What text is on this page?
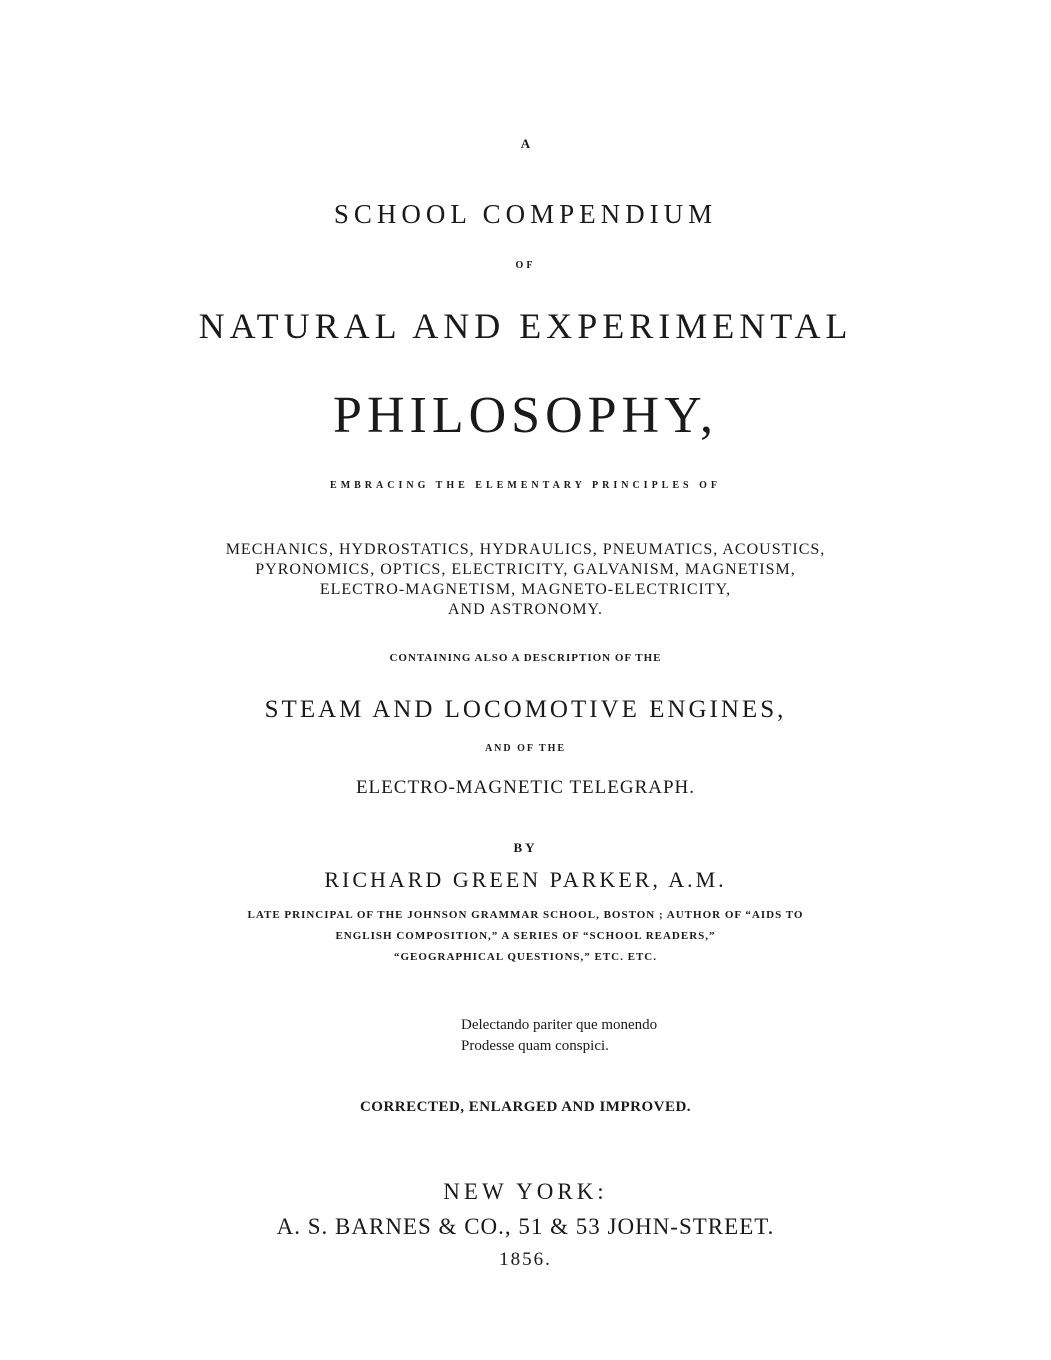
A
SCHOOL COMPENDIUM
OF
NATURAL AND EXPERIMENTAL
PHILOSOPHY,
EMBRACING THE ELEMENTARY PRINCIPLES OF
MECHANICS, HYDROSTATICS, HYDRAULICS, PNEUMATICS, ACOUSTICS,
PYRONOMICS, OPTICS, ELECTRICITY, GALVANISM, MAGNETISM,
ELECTRO-MAGNETISM, MAGNETO-ELECTRICITY,
AND ASTRONOMY.
CONTAINING ALSO A DESCRIPTION OF THE
STEAM AND LOCOMOTIVE ENGINES,
AND OF THE
ELECTRO-MAGNETIC TELEGRAPH.
BY
RICHARD GREEN PARKER, A.M.
LATE PRINCIPAL OF THE JOHNSON GRAMMAR SCHOOL, BOSTON ; AUTHOR OF “AIDS TO
ENGLISH COMPOSITION,” A SERIES OF “SCHOOL READERS,”
“GEOGRAPHICAL QUESTIONS,” ETC. ETC.
Delectando pariter que monendo
Prodesse quam conspici.
CORRECTED, ENLARGED AND IMPROVED.
NEW YORK:
A. S. BARNES & CO., 51 & 53 JOHN-STREET.
1856.
